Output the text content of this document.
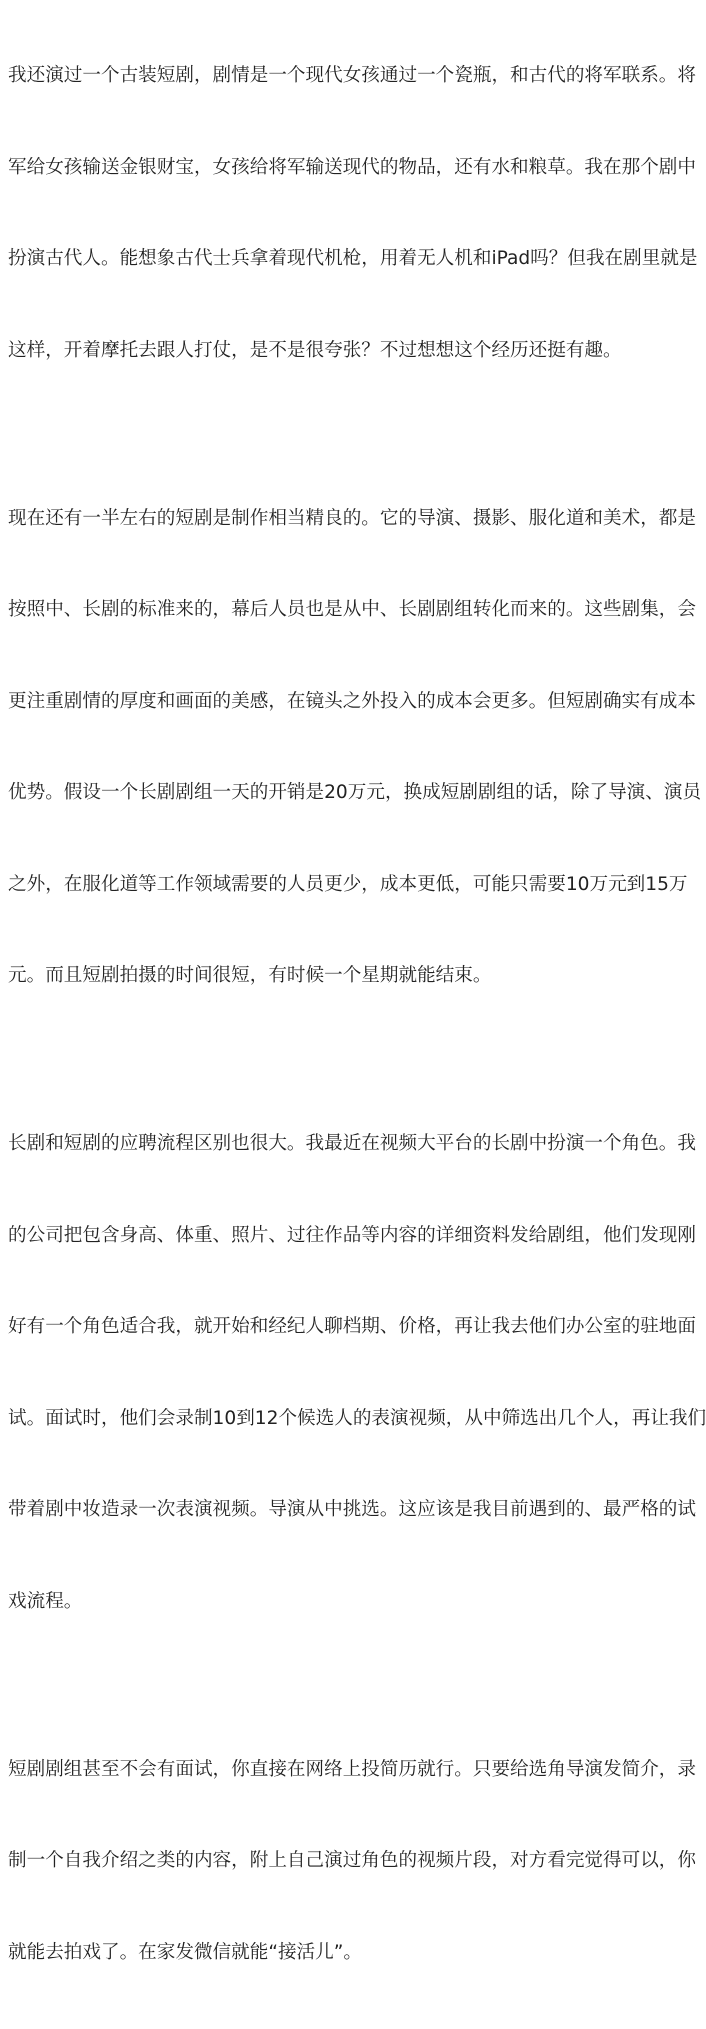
我还演过一个古装短剧，剧情是一个现代女孩通过一个瓷瓶，和古代的将军联系。将

军给女孩输送金银财宝，女孩给将军输送现代的物品，还有水和粮草。我在那个剧中

扮演古代人。能想象古代士兵拿着现代机枪，用着无人机和iPad吗？但我在剧里就是

这样，开着摩托去跟人打仗，是不是很夸张？不过想想这个经历还挺有趣。

现在还有一半左右的短剧是制作相当精良的。它的导演、摄影、服化道和美术，都是

按照中、长剧的标准来的，幕后人员也是从中、长剧剧组转化而来的。这些剧集，会

更注重剧情的厚度和画面的美感，在镜头之外投入的成本会更多。但短剧确实有成本

优势。假设一个长剧剧组一天的开销是20万元，换成短剧剧组的话，除了导演、演员

之外，在服化道等工作领域需要的人员更少，成本更低，可能只需要10万元到15万

元。而且短剧拍摄的时间很短，有时候一个星期就能结束。

长剧和短剧的应聘流程区别也很大。我最近在视频大平台的长剧中扮演一个角色。我

的公司把包含身高、体重、照片、过往作品等内容的详细资料发给剧组，他们发现刚

好有一个角色适合我，就开始和经纪人聊档期、价格，再让我去他们办公室的驻地面

试。面试时，他们会录制10到12个候选人的表演视频，从中筛选出几个人，再让我们

带着剧中妆造录一次表演视频。导演从中挑选。这应该是我目前遇到的、最严格的试

戏流程。

短剧剧组甚至不会有面试，你直接在网络上投简历就行。只要给选角导演发简介，录

制一个自我介绍之类的内容，附上自己演过角色的视频片段，对方看完觉得可以，你

就能去拍戏了。在家发微信就能“接活儿”。
